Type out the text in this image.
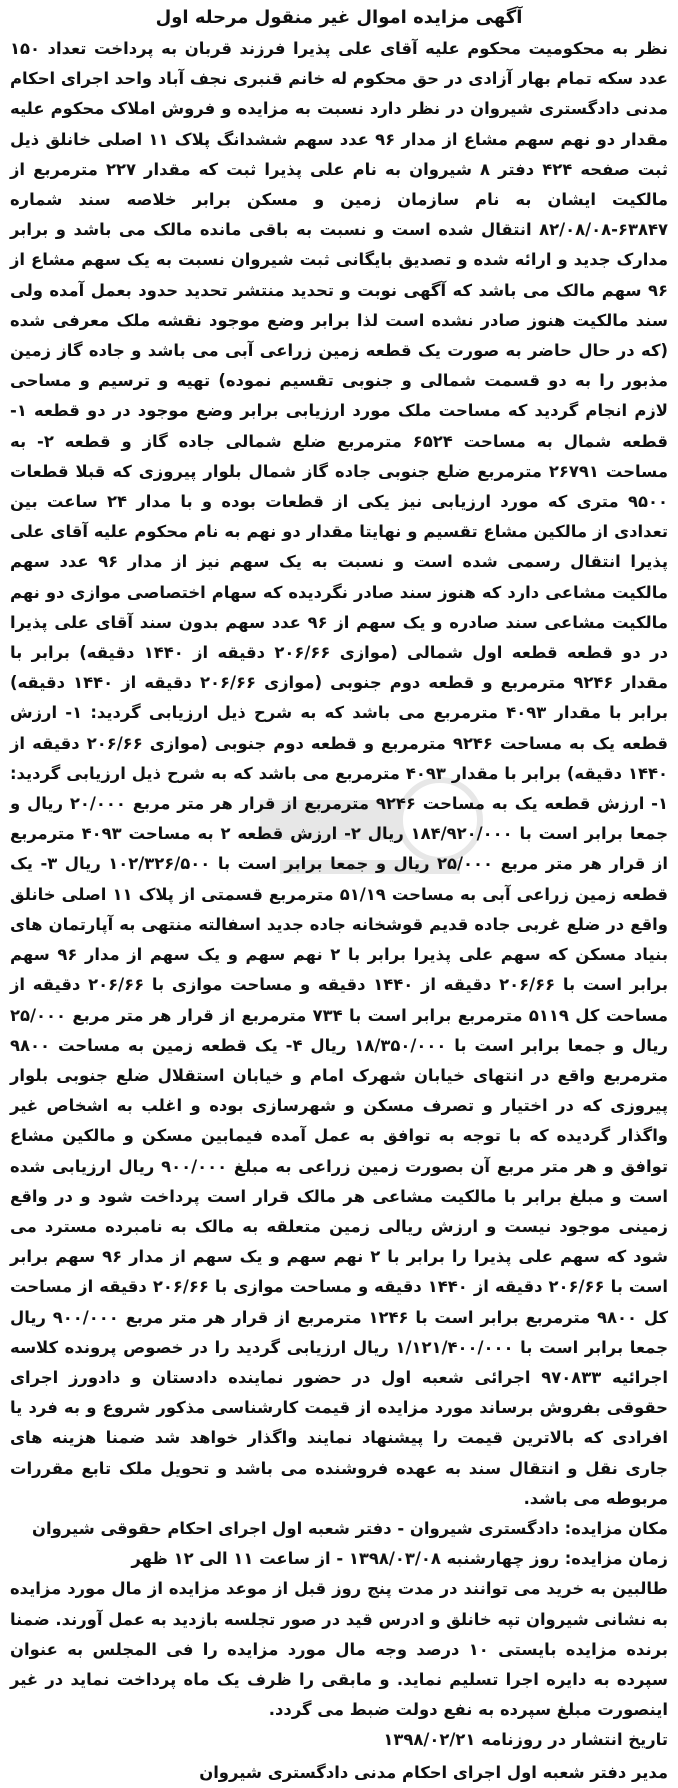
آگهی مزایده اموال غیر منقول مرحله اول

نظر به محکومیت محکوم علیه آقای علی پذیرا فرزند قربان به پرداخت تعداد ۱۵۰ عدد سکه تمام بهار آزادی در حق محکوم له خانم قنبری نجف آباد واحد اجرای احکام مدنی دادگستری شیروان در نظر دارد نسبت به مزایده و فروش املاک محکوم علیه مقدار دو نهم سهم مشاع از مدار ۹۶ عدد سهم ششدانگ پلاک ۱۱ اصلی خانلق ذیل ثبت صفحه ۴۲۴ دفتر ۸ شیروان به نام علی پذیرا ثبت که مقدار ۲۲۷ مترمربع از مالکیت ایشان به نام سازمان زمین و مسکن برابر خلاصه سند شماره ۶۳۸۴۷-۸۲/۰۸/۰۸ انتقال شده است و نسبت به باقی مانده مالک می باشد و برابر مدارک جدید و ارائه شده و تصدیق بایگانی ثبت شیروان نسبت به یک سهم مشاع از ۹۶ سهم مالک می باشد که آگهی نوبت و تحدید منتشر تحدید حدود بعمل آمده ولی سند مالکیت هنوز صادر نشده است لذا برابر وضع موجود نقشه ملک معرفی شده (که در حال حاضر به صورت یک قطعه زمین زراعی آبی می باشد و جاده گاز زمین مذبور را به دو قسمت شمالی و جنوبی تقسیم نموده) تهیه و ترسیم و مساحی لازم انجام گردید که مساحت ملک مورد ارزیابی برابر وضع موجود در دو قطعه ۱- قطعه شمال به مساحت ۶۵۲۴ مترمربع ضلع شمالی جاده گاز و قطعه ۲- به مساحت ۲۶۷۹۱ مترمربع ضلع جنوبی جاده گاز شمال بلوار پیروزی که قبلا قطعات ۹۵۰۰ متری که مورد ارزیابی نیز یکی از قطعات بوده و با مدار ۲۴ ساعت بین تعدادی از مالکین مشاع تقسیم و نهایتا مقدار دو نهم به نام محکوم علیه آقای علی پذیرا انتقال رسمی شده است و نسبت به یک سهم نیز از مدار ۹۶ عدد سهم مالکیت مشاعی دارد که هنوز سند صادر نگردیده که سهام اختصاصی موازی دو نهم مالکیت مشاعی سند صادره و یک سهم از ۹۶ عدد سهم بدون سند آقای علی پذیرا در دو قطعه قطعه اول شمالی (موازی ۲۰۶/۶۶ دقیقه از ۱۴۴۰ دقیقه) برابر با مقدار ۹۲۴۶ مترمربع و قطعه دوم جنوبی (موازی ۲۰۶/۶۶ دقیقه از ۱۴۴۰ دقیقه) برابر با مقدار ۴۰۹۳ مترمربع می باشد که به شرح ذیل ارزیابی گردید: ۱- ارزش قطعه یک به مساحت ۹۲۴۶ مترمربع و قطعه دوم جنوبی (موازی ۲۰۶/۶۶ دقیقه از ۱۴۴۰ دقیقه) برابر با مقدار ۴۰۹۳ مترمربع می باشد که به شرح ذیل ارزیابی گردید: ۱- ارزش قطعه یک به مساحت ۹۲۴۶ مترمربع از قرار هر متر مربع ۲۰/۰۰۰ ریال و جمعا برابر است با ۱۸۴/۹۲۰/۰۰۰ ریال ۲- ارزش قطعه ۲ به مساحت ۴۰۹۳ مترمربع از قرار هر متر مربع ۲۵/۰۰۰ ریال و جمعا برابر است با ۱۰۲/۳۲۶/۵۰۰ ریال ۳- یک قطعه زمین زراعی آبی به مساحت ۵۱/۱۹ مترمربع قسمتی از پلاک ۱۱ اصلی خانلق واقع در ضلع غربی جاده قدیم قوشخانه جاده جدید اسفالته منتهی به آپارتمان های بنیاد مسکن که سهم علی پذیرا برابر با ۲ نهم سهم و یک سهم از مدار ۹۶ سهم برابر است با ۲۰۶/۶۶ دقیقه از ۱۴۴۰ دقیقه و مساحت موازی با ۲۰۶/۶۶ دقیقه از مساحت کل ۵۱۱۹ مترمربع برابر است با ۷۳۴ مترمربع از قرار هر متر مربع ۲۵/۰۰۰ ریال و جمعا برابر است با ۱۸/۳۵۰/۰۰۰ ریال ۴- یک قطعه زمین به مساحت ۹۸۰۰ مترمربع واقع در انتهای خیابان شهرک امام و خیابان استقلال ضلع جنوبی بلوار پیروزی که در اختیار و تصرف مسکن و شهرسازی بوده و اغلب به اشخاص غیر واگذار گردیده که با توجه به توافق به عمل آمده فیمابین مسکن و مالکین مشاع توافق و هر متر مربع آن بصورت زمین زراعی به مبلغ ۹۰۰/۰۰۰ ریال ارزیابی شده است و مبلغ برابر با مالکیت مشاعی هر مالک قرار است پرداخت شود و در واقع زمینی موجود نیست و ارزش ریالی زمین متعلقه به مالک به نامبرده مسترد می شود که سهم علی پذیرا را برابر با ۲ نهم سهم و یک سهم از مدار ۹۶ سهم برابر است با ۲۰۶/۶۶ دقیقه از ۱۴۴۰ دقیقه و مساحت موازی با ۲۰۶/۶۶ دقیقه از مساحت کل ۹۸۰۰ مترمربع برابر است با ۱۲۴۶ مترمربع از قرار هر متر مربع ۹۰۰/۰۰۰ ریال جمعا برابر است با ۱/۱۲۱/۴۰۰/۰۰۰ ریال ارزیابی گردید را در خصوص پرونده کلاسه اجرائیه ۹۷۰۸۳۳ اجرائی شعبه اول در حضور نماینده دادستان و دادورز اجرای حقوقی بفروش برساند مورد مزایده از قیمت کارشناسی مذکور شروع و به فرد یا افرادی که بالاترین قیمت را پیشنهاد نمایند واگذار خواهد شد ضمنا هزینه های جاری نقل و انتقال سند به عهده فروشنده می باشد و تحویل ملک تابع مقررات مربوطه می باشد.

مکان مزایده: دادگستری شیروان - دفتر شعبه اول اجرای احکام حقوقی شیروان

زمان مزایده: روز چهارشنبه ۱۳۹۸/۰۳/۰۸ - از ساعت ۱۱ الی ۱۲ ظهر

طالبین به خرید می توانند در مدت پنج روز قبل از موعد مزایده از مال مورد مزایده به نشانی شیروان تپه خانلق و ادرس قید در صور تجلسه بازدید به عمل آورند. ضمنا برنده مزایده بایستی ۱۰ درصد وجه مال مورد مزایده را فی المجلس به عنوان سپرده به دایره اجرا تسلیم نماید. و مابقی را ظرف یک ماه پرداخت نماید در غیر اینصورت مبلغ سپرده به نفع دولت ضبط می گردد.

تاریخ انتشار در روزنامه ۱۳۹۸/۰۲/۲۱

مدیر دفتر شعبه اول اجرای احکام مدنی دادگستری شیروان
